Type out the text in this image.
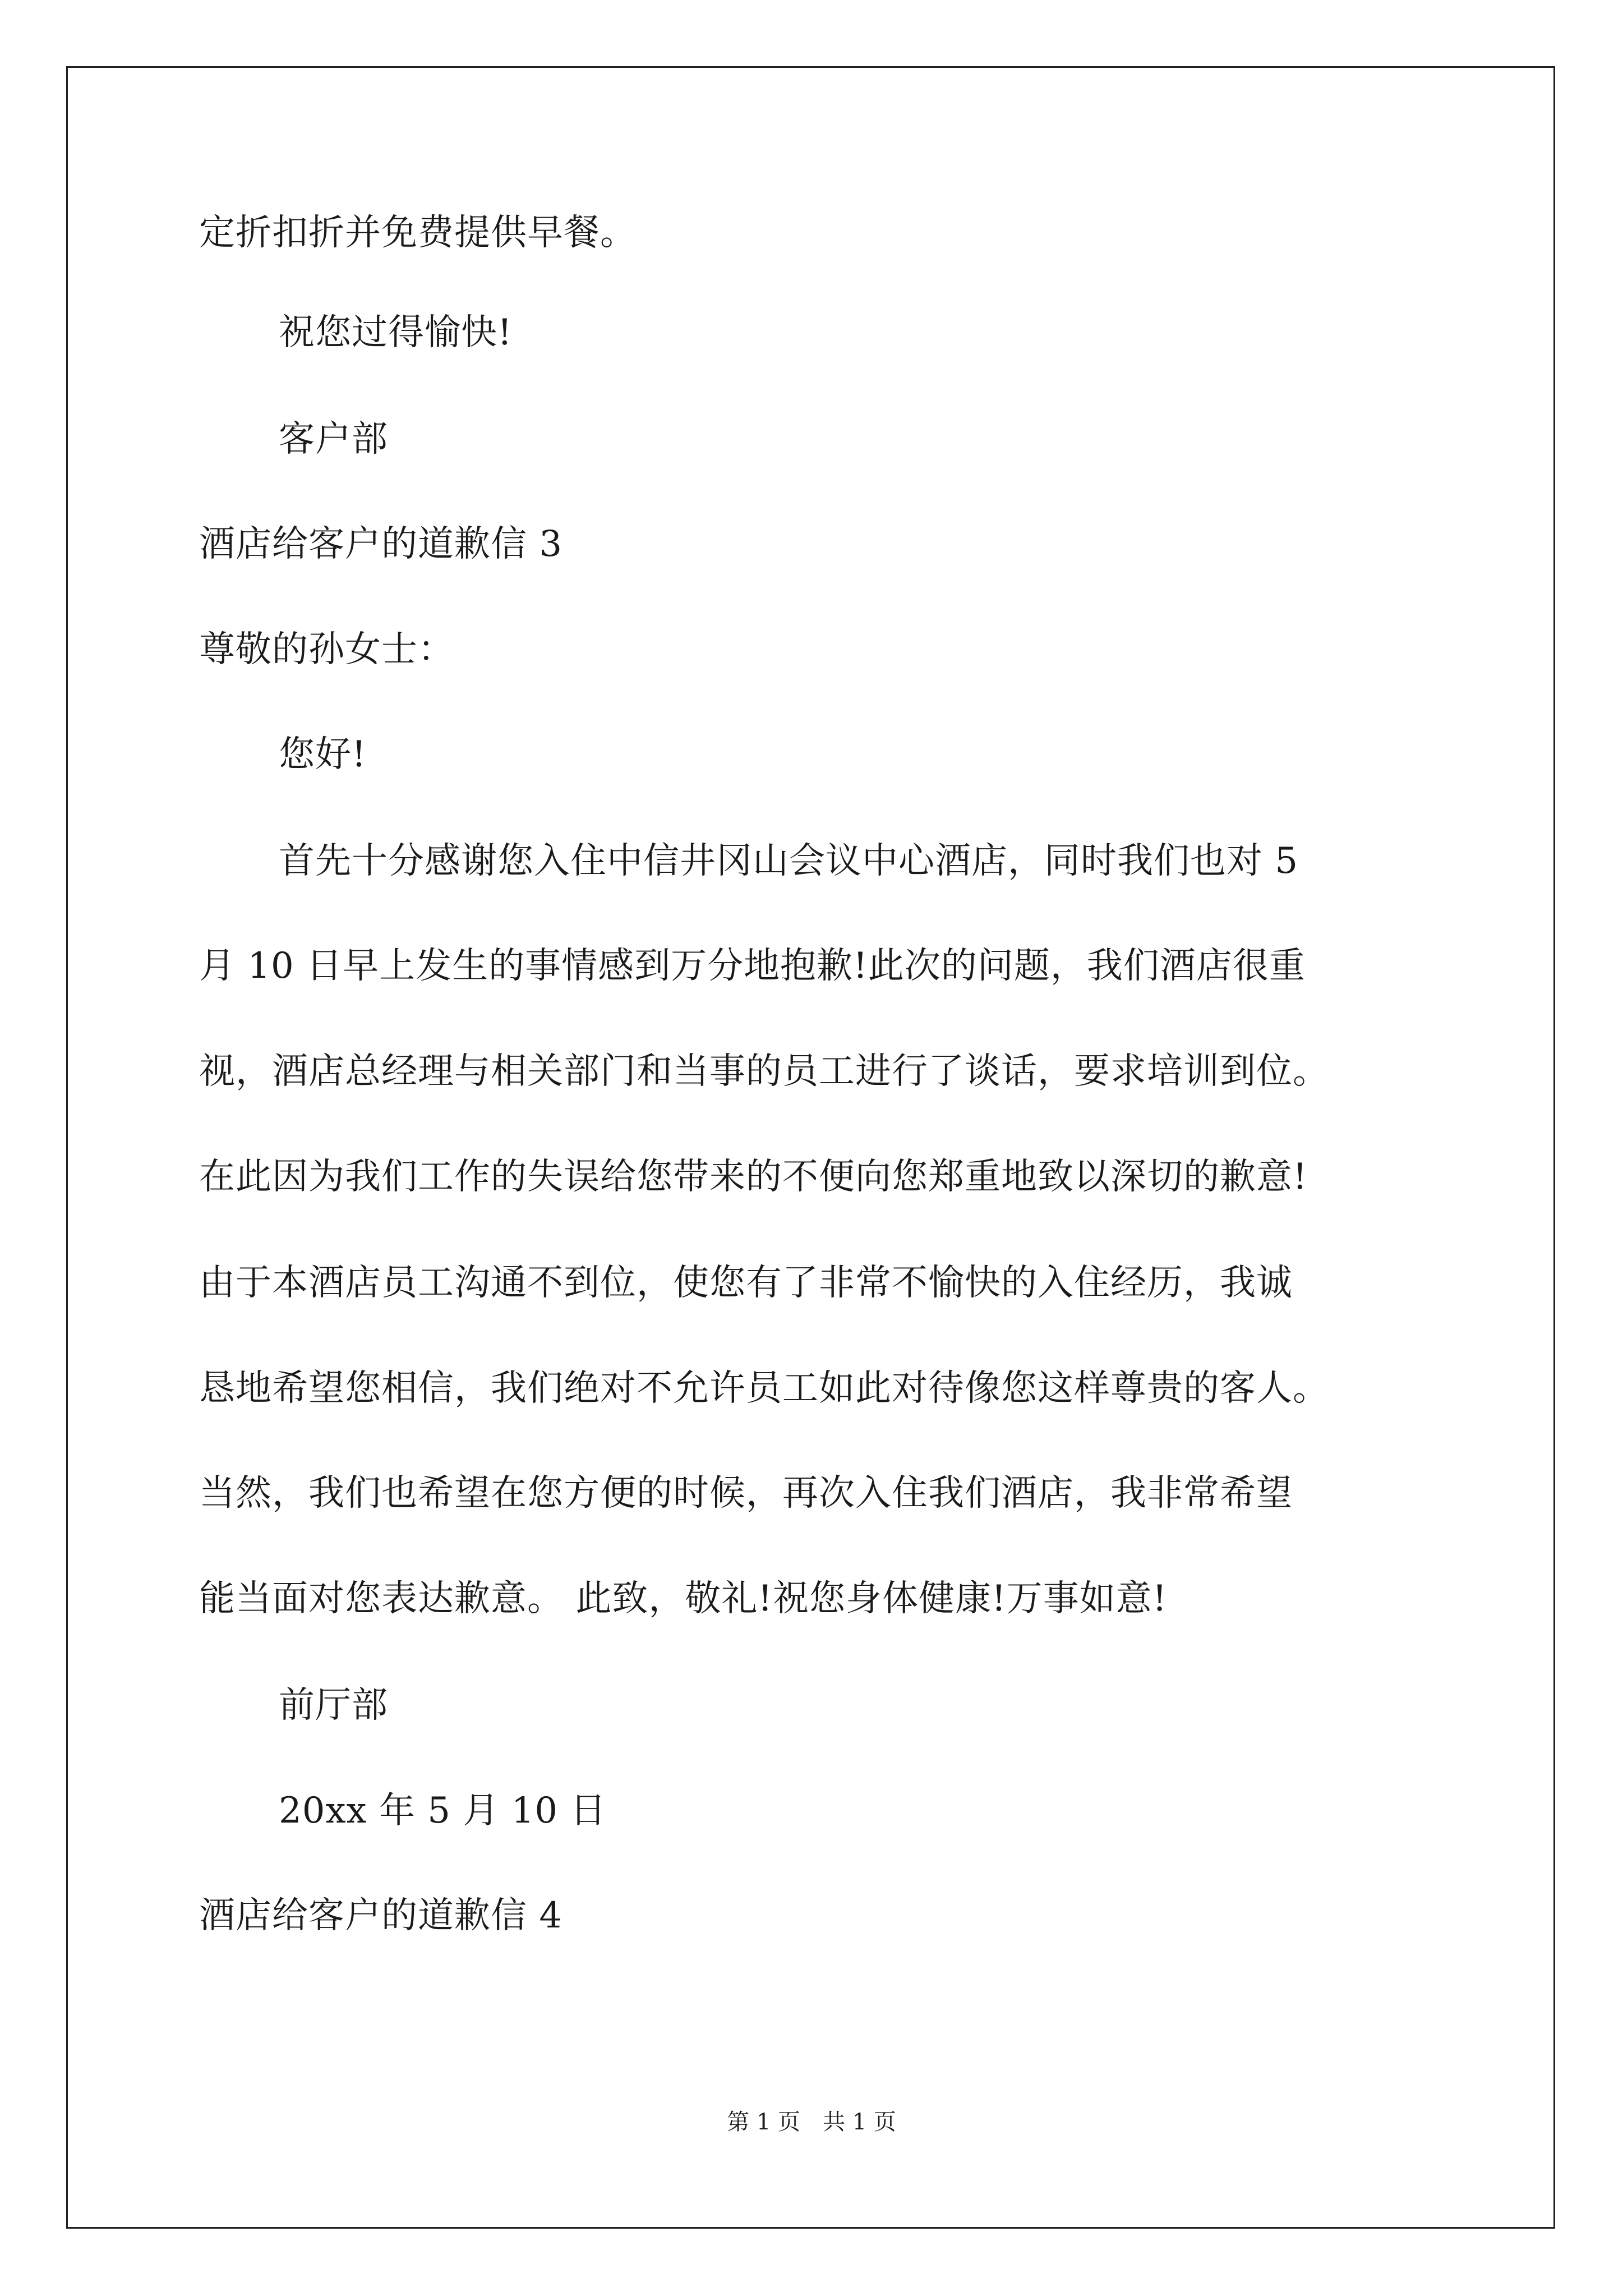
定折扣折并免费提供早餐。
祝您过得愉快!
客户部
酒店给客户的道歉信 3
尊敬的孙女士：
您好!
首先十分感谢您入住中信井冈山会议中心酒店，同时我们也对 5
月 10 日早上发生的事情感到万分地抱歉!此次的问题，我们酒店很重
视，酒店总经理与相关部门和当事的员工进行了谈话，要求培训到位。
在此因为我们工作的失误给您带来的不便向您郑重地致以深切的歉意!
由于本酒店员工沟通不到位，使您有了非常不愉快的入住经历，我诚
恳地希望您相信，我们绝对不允许员工如此对待像您这样尊贵的客人。
当然，我们也希望在您方便的时候，再次入住我们酒店，我非常希望
能当面对您表达歉意。 此致，敬礼!祝您身体健康!万事如意!
前厅部
20xx 年 5 月 10 日
酒店给客户的道歉信 4
第 1 页　共 1 页
